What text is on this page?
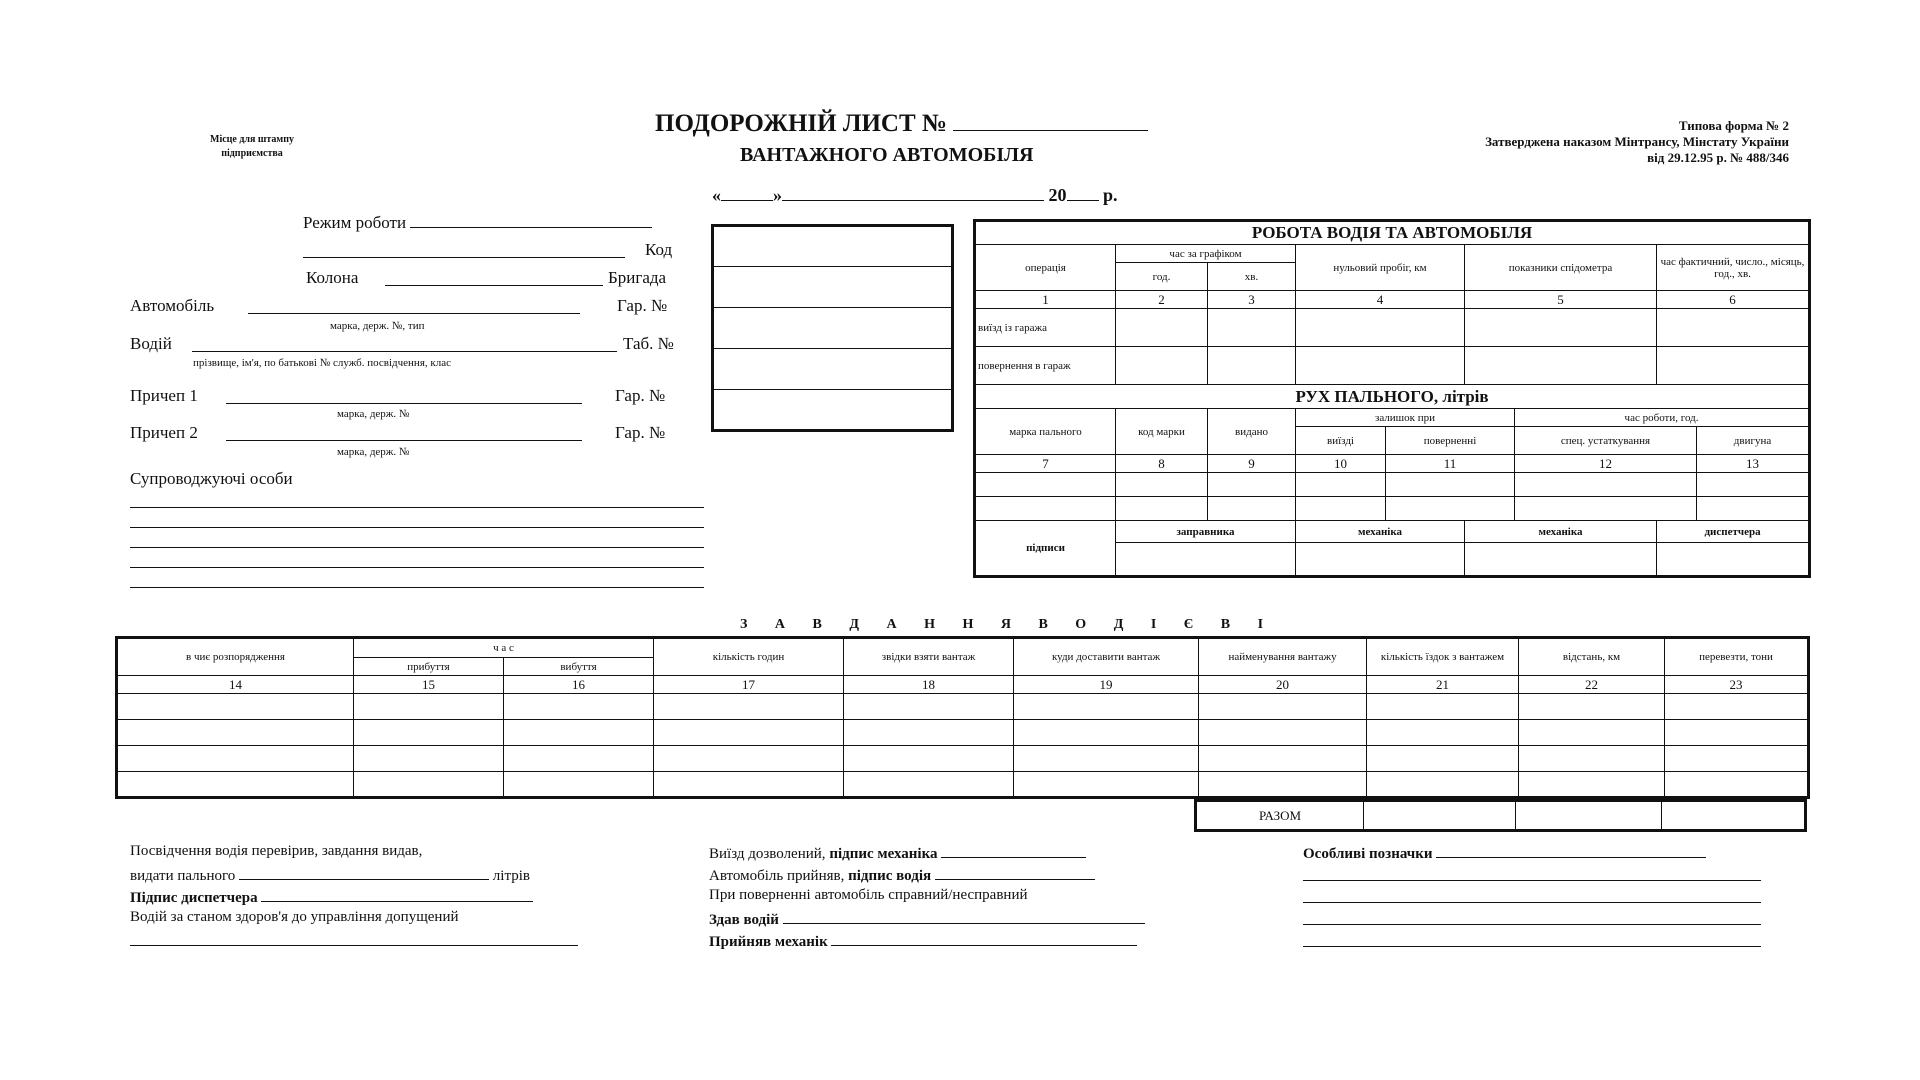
Місце для штампу
підприємства
ПОДОРОЖНІЙ ЛИСТ №
ВАНТАЖНОГО АВТОМОБІЛЯ
Типова форма № 2
Затверджена наказом Мінтрансу, Мінстату України
від 29.12.95 р. № 488/346
«	»	20 р.
Режим роботи
Код
Колона	Бригада
Автомобіль	Гар. №
марка, держ. №, тип
Водій	Таб. №
прізвище, ім'я, по батькові № служб. посвідчення, клас
Причеп 1	Гар. №
марка, держ. №
Причеп 2	Гар. №
марка, держ. №
Супроводжуючі особи

РОБОТА ВОДІЯ ТА АВТОМОБІЛЯ								
операція	час за графіком		нульовий пробіг, км		показники спідометра		час фактичний, число., місяць, год., хв.	
	год.	хв.						
1	2	3	4		5		6	
виїзд із гаража								
повернення в гараж								
РУХ ПАЛЬНОГО, літрів								
марка пального	код марки	видано	залишок при			час роботи, год.		
			виїзді	поверненні		спец. устаткування		двигуна
7	8	9	10	11		12		13

підписи	заправника		механіка		механіка		диспетчера	

З А В Д А Н Н Я В О Д І Є В І
в чиє розпорядження	ч а с		кількість годин	звідки взяти вантаж	куди доставити вантаж	найменування вантажу	кількість їздок з вантажем	відстань, км	перевезти, тони
	прибуття	вибуття							
14	15	16	17	18	19	20	21	22	23

РАЗОМ			
Посвідчення водія перевірив, завдання видав,
видати пального	літрів
Підпис диспетчера
Водій за станом здоров'я до управління допущений
Виїзд дозволений, підпис механіка
Автомобіль прийняв, підпис водія
При поверненні автомобіль справний/несправний
Здав водій
Прийняв механік
Особливі позначки
